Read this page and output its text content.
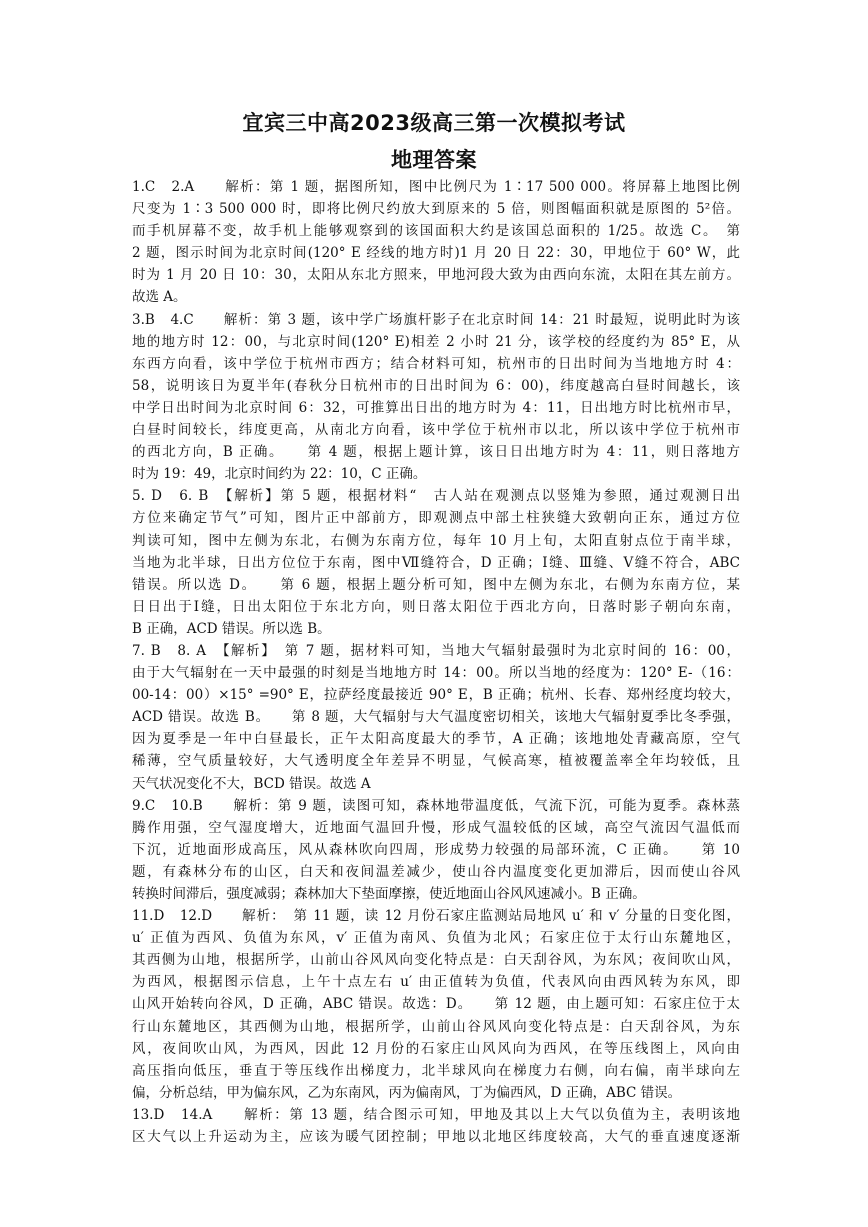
宜宾三中高2023级高三第一次模拟考试
地理答案
1.C　2.A　　解析：第 1 题，据图所知，图中比例尺为 1∶17 500 000。将屏幕上地图比例
尺变为 1∶3 500 000 时，即将比例尺约放大到原来的 5 倍，则图幅面积就是原图的 5²倍。
而手机屏幕不变，故手机上能够观察到的该国面积大约是该国总面积的 1/25。故选 C。　第
2 题，图示时间为北京时间(120° E 经线的地方时)1 月 20 日 22：30，甲地位于 60° W，此
时为 1 月 20 日 10：30，太阳从东北方照来，甲地河段大致为由西向东流，太阳在其左前方。
故选 A。
3.B　4.C　　解析：第 3 题，该中学广场旗杆影子在北京时间 14：21 时最短，说明此时为该
地的地方时 12：00，与北京时间(120° E)相差 2 小时 21 分，该学校的经度约为 85° E，从
东西方向看，该中学位于杭州市西方；结合材料可知，杭州市的日出时间为当地地方时 4：
58，说明该日为夏半年(春秋分日杭州市的日出时间为 6：00)，纬度越高白昼时间越长，该
中学日出时间为北京时间 6：32，可推算出日出的地方时为 4：11，日出地方时比杭州市早，
白昼时间较长，纬度更高，从南北方向看，该中学位于杭州市以北，所以该中学位于杭州市
的西北方向，B 正确。　　第 4 题，根据上题计算，该日日出地方时为 4：11，则日落地方
时为 19：49，北京时间约为 22：10，C 正确。
5. D　6. B　【解析】第 5 题，根据材料“　古人站在观测点以竖雉为参照，通过观测日出
方位来确定节气”可知，图片正中部前方，即观测点中部土柱狭缝大致朝向正东，通过方位
判读可知，图中左侧为东北，右侧为东南方位，每年 10 月上旬，太阳直射点位于南半球，
当地为北半球，日出方位位于东南，图中Ⅶ缝符合，D 正确；Ⅰ缝、Ⅲ缝、Ⅴ缝不符合，ABC
错误。所以选 D。　　第 6 题，根据上题分析可知，图中左侧为东北，右侧为东南方位，某
日日出于Ⅰ缝，日出太阳位于东北方向，则日落太阳位于西北方向，日落时影子朝向东南，
B 正确，ACD 错误。所以选 B。
7. B　8. A　【解析】　第 7 题，据材料可知，当地大气辐射最强时为北京时间的 16：00，
由于大气辐射在一天中最强的时刻是当地地方时 14：00。所以当地的经度为：120° E-（16：
00-14：00）×15° =90° E，拉萨经度最接近 90° E，B 正确；杭州、长春、郑州经度均较大，
ACD 错误。故选 B。　　第 8 题，大气辐射与大气温度密切相关，该地大气辐射夏季比冬季强，
因为夏季是一年中白昼最长，正午太阳高度最大的季节，A 正确；该地地处青藏高原，空气
稀薄，空气质量较好，大气透明度全年差异不明显，气候高寒，植被覆盖率全年均较低，且
天气状况变化不大，BCD 错误。故选 A
9.C　10.B　　解析：第 9 题，读图可知，森林地带温度低，气流下沉，可能为夏季。森林蒸
腾作用强，空气湿度增大，近地面气温回升慢，形成气温较低的区域，高空气流因气温低而
下沉，近地面形成高压，风从森林吹向四周，形成势力较强的局部环流，C 正确。　　第 10
题，有森林分布的山区，白天和夜间温差减少，使山谷内温度变化更加滞后，因而使山谷风
转换时间滞后，强度减弱；森林加大下垫面摩擦，使近地面山谷风风速减小。B 正确。
11.D　12.D　　解析：　第 11 题，读 12 月份石家庄监测站局地风 u′ 和 v′ 分量的日变化图，
u′ 正值为西风、负值为东风，v′ 正值为南风、负值为北风；石家庄位于太行山东麓地区，
其西侧为山地，根据所学，山前山谷风风向变化特点是：白天刮谷风，为东风；夜间吹山风，
为西风，根据图示信息，上午十点左右 u′ 由正值转为负值，代表风向由西风转为东风，即
山风开始转向谷风，D 正确，ABC 错误。故选：D。　　第 12 题，由上题可知：石家庄位于太
行山东麓地区，其西侧为山地，根据所学，山前山谷风风向变化特点是：白天刮谷风，为东
风，夜间吹山风，为西风，因此 12 月份的石家庄山风风向为西风，在等压线图上，风向由
高压指向低压，垂直于等压线作出梯度力，北半球风向在梯度力右侧，向右偏，南半球向左
偏，分析总结，甲为偏东风，乙为东南风，丙为偏南风，丁为偏西风，D 正确，ABC 错误。
13.D　14.A　　解析：第 13 题，结合图示可知，甲地及其以上大气以负值为主，表明该地
区大气以上升运动为主，应该为暖气团控制；甲地以北地区纬度较高，大气的垂直速度逐渐
